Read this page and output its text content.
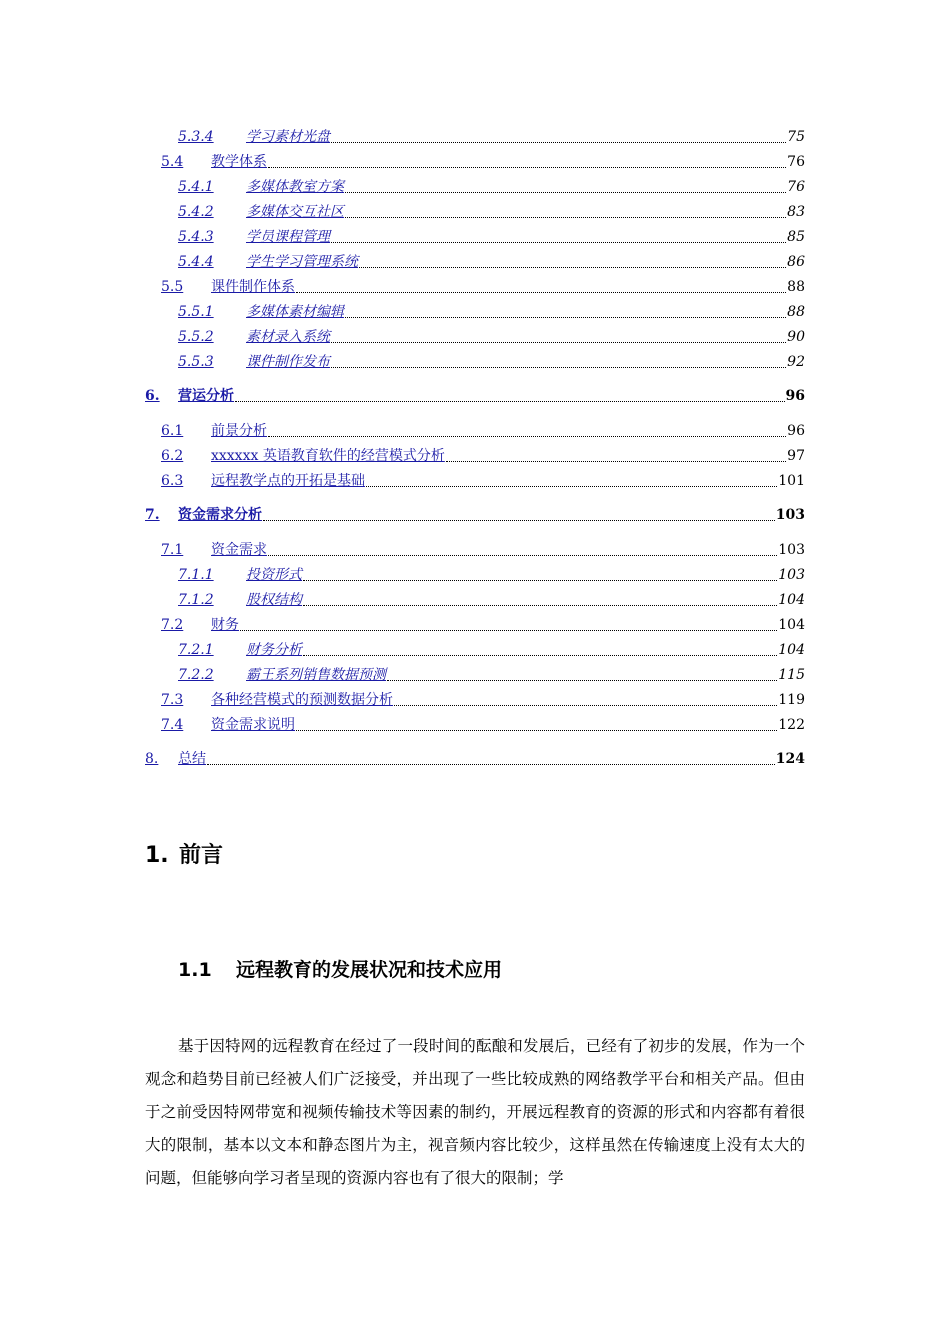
5.3.4 学习素材光盘	75
5.4 教学体系	76
5.4.1 多媒体教室方案	76
5.4.2 多媒体交互社区	83
5.4.3 学员课程管理	85
5.4.4 学生学习管理系统	86
5.5 课件制作体系	88
5.5.1 多媒体素材编辑	88
5.5.2 素材录入系统	90
5.5.3 课件制作发布	92
6. 营运分析	96
6.1 前景分析	96
6.2 xxxxxx 英语教育软件的经营模式分析	97
6.3 远程教学点的开拓是基础	101
7. 资金需求分析	103
7.1 资金需求	103
7.1.1 投资形式	103
7.1.2 股权结构	104
7.2 财务	104
7.2.1 财务分析	104
7.2.2 霸王系列销售数据预测	115
7.3 各种经营模式的预测数据分析	119
7.4 资金需求说明	122
8. 总结	124
1. 前言
1.1 远程教育的发展状况和技术应用
基于因特网的远程教育在经过了一段时间的酝酿和发展后，已经有了初步的发展，作为一个观念和趋势目前已经被人们广泛接受，并出现了一些比较成熟的网络教学平台和相关产品。但由于之前受因特网带宽和视频传输技术等因素的制约，开展远程教育的资源的形式和内容都有着很大的限制，基本以文本和静态图片为主，视音频内容比较少，这样虽然在传输速度上没有太大的问题，但能够向学习者呈现的资源内容也有了很大的限制；学
